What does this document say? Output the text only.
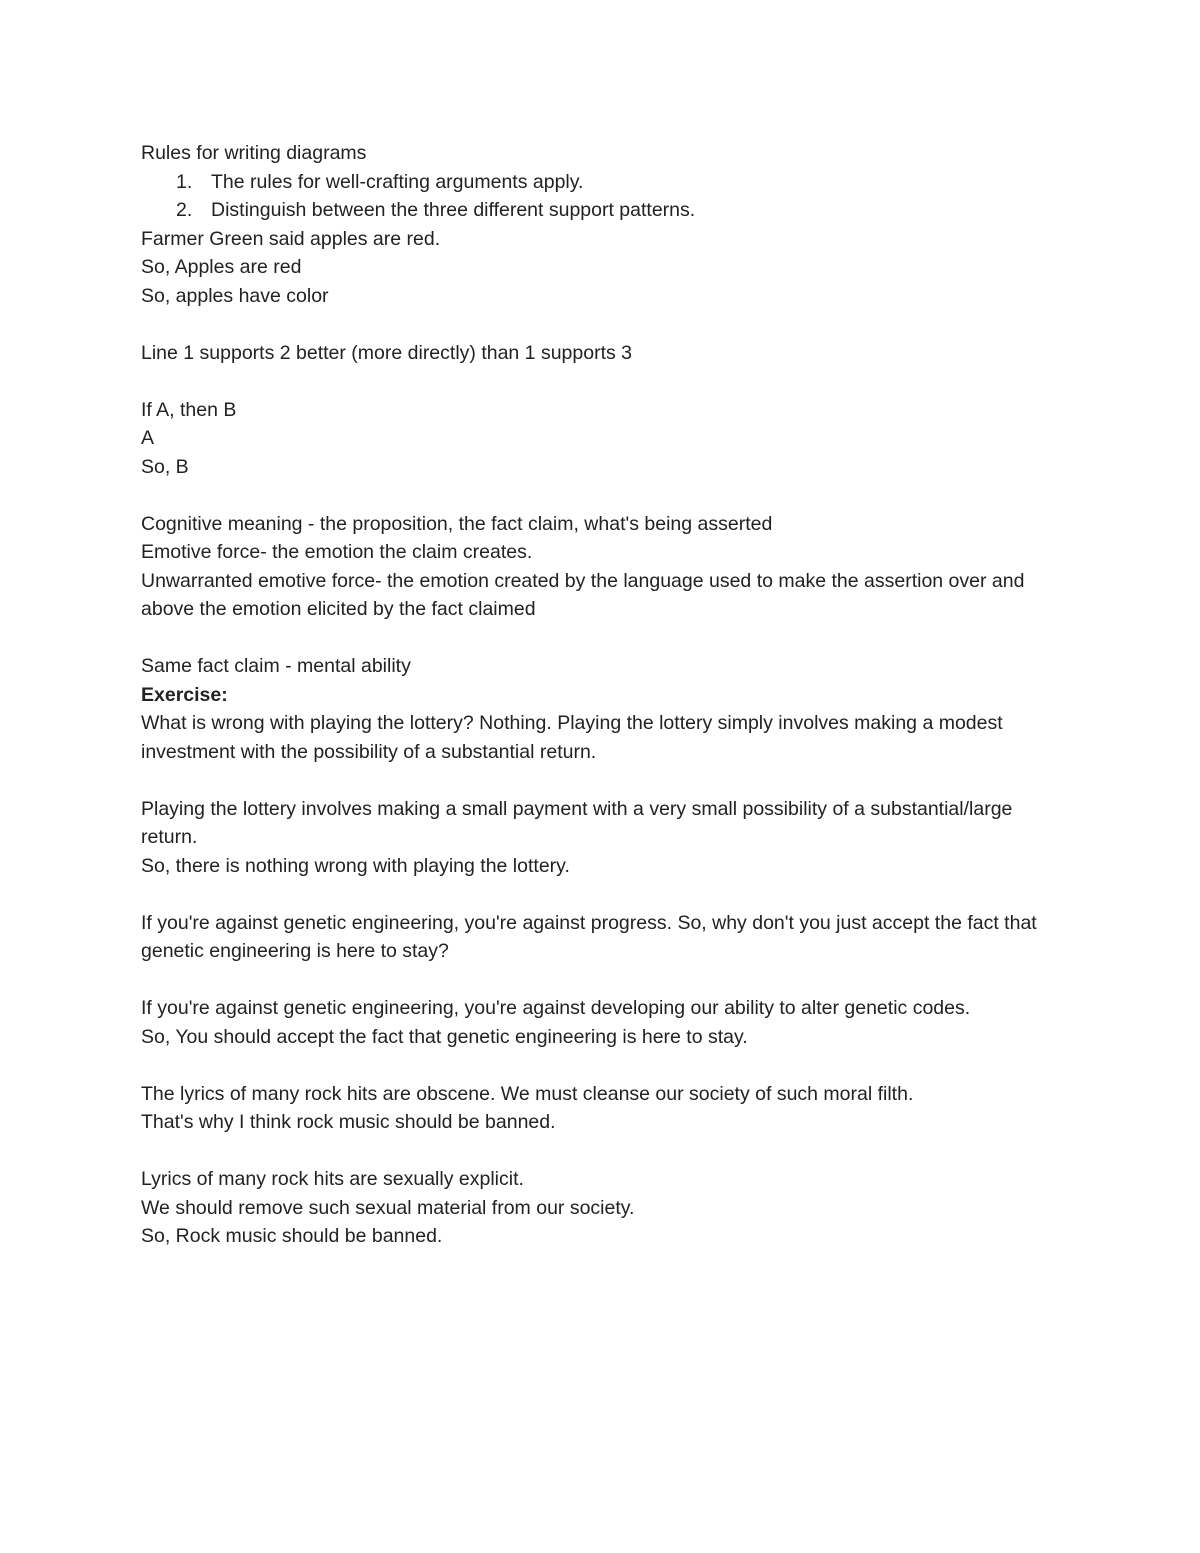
Rules for writing diagrams
1. The rules for well-crafting arguments apply.
2. Distinguish between the three different support patterns.
Farmer Green said apples are red.
So, Apples are red
So, apples have color
Line 1 supports 2 better (more directly) than 1 supports 3
If A, then B
A
So, B
Cognitive meaning - the proposition, the fact claim, what's being asserted
Emotive force- the emotion the claim creates.
Unwarranted emotive force- the emotion created by the language used to make the assertion over and above the emotion elicited by the fact claimed
Same fact claim - mental ability
Exercise:
What is wrong with playing the lottery? Nothing. Playing the lottery simply involves making a modest investment with the possibility of a substantial return.
Playing the lottery involves making a small payment with a very small possibility of a substantial/large return.
So, there is nothing wrong with playing the lottery.
If you're against genetic engineering, you're against progress. So, why don't you just accept the fact that genetic engineering is here to stay?
If you're against genetic engineering, you're against developing our ability to alter genetic codes.
So, You should accept the fact that genetic engineering is here to stay.
The lyrics of many rock hits are obscene. We must cleanse our society of such moral filth.
That's why I think rock music should be banned.
Lyrics of many rock hits are sexually explicit.
We should remove such sexual material from our society.
So, Rock music should be banned.
